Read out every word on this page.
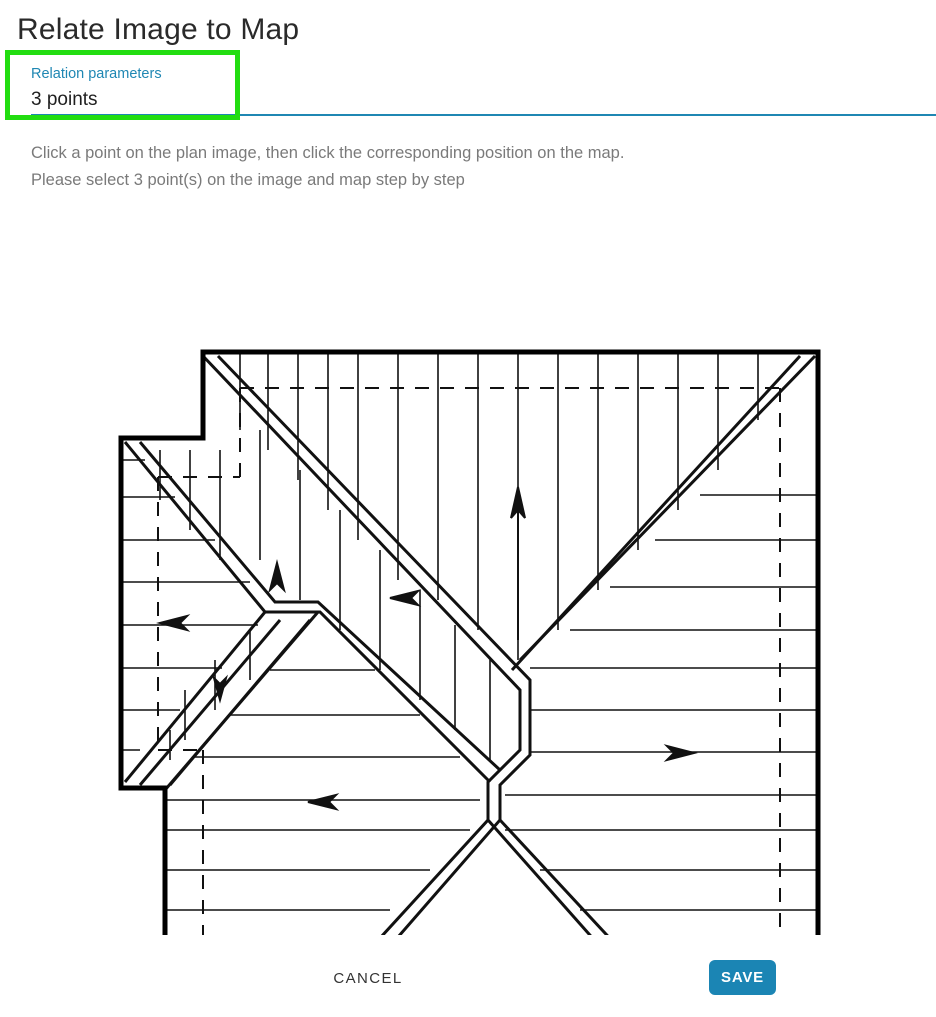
Relate Image to Map
Relation parameters
3 points
Click a point on the plan image, then click the corresponding position on the map.
Please select 3 point(s) on the image and map step by step
CANCEL	SAVE
